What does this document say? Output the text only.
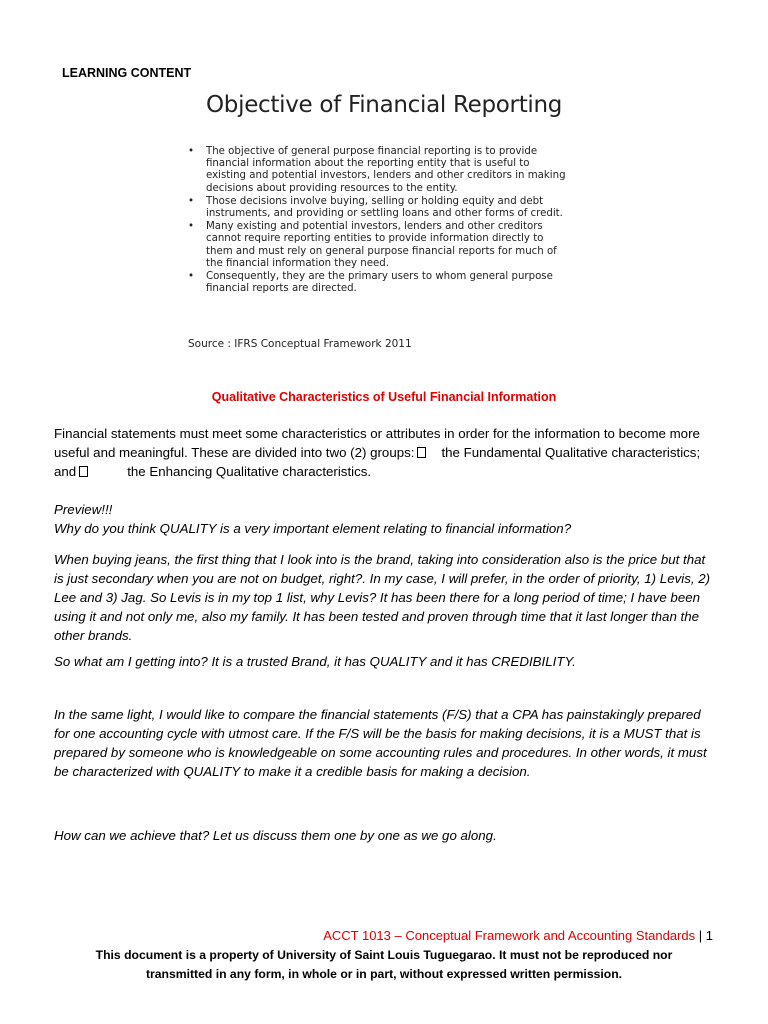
LEARNING CONTENT
Objective of Financial Reporting
• The objective of general purpose financial reporting is to provide financial information about the reporting entity that is useful to existing and potential investors, lenders and other creditors in making decisions about providing resources to the entity.
• Those decisions involve buying, selling or holding equity and debt instruments, and providing or settling loans and other forms of credit.
• Many existing and potential investors, lenders and other creditors cannot require reporting entities to provide information directly to them and must rely on general purpose financial reports for much of the financial information they need.
• Consequently, they are the primary users to whom general purpose financial reports are directed.
Source : IFRS Conceptual Framework 2011
Qualitative Characteristics of Useful Financial Information

Financial statements must meet some characteristics or attributes in order for the information to become more useful and meaningful. These are divided into two (2) groups: the Fundamental Qualitative characteristics; and	the Enhancing Qualitative characteristics.

Preview!!!
Why do you think QUALITY is a very important element relating to financial information?

When buying jeans, the first thing that I look into is the brand, taking into consideration also is the price but that is just secondary when you are not on budget, right?. In my case, I will prefer, in the order of priority, 1) Levis, 2) Lee and 3) Jag. So Levis is in my top 1 list, why Levis? It has been there for a long period of time; I have been using it and not only me, also my family. It has been tested and proven through time that it last longer than the other brands.

So what am I getting into? It is a trusted Brand, it has QUALITY and it has CREDIBILITY.

In the same light, I would like to compare the financial statements (F/S) that a CPA has painstakingly prepared for one accounting cycle with utmost care. If the F/S will be the basis for making decisions, it is a MUST that is prepared by someone who is knowledgeable on some accounting rules and procedures. In other words, it must be characterized with QUALITY to make it a credible basis for making a decision.

How can we achieve that? Let us discuss them one by one as we go along.

ACCT 1013 – Conceptual Framework and Accounting Standards | 1
This document is a property of University of Saint Louis Tuguegarao. It must not be reproduced nor
transmitted in any form, in whole or in part, without expressed written permission.
